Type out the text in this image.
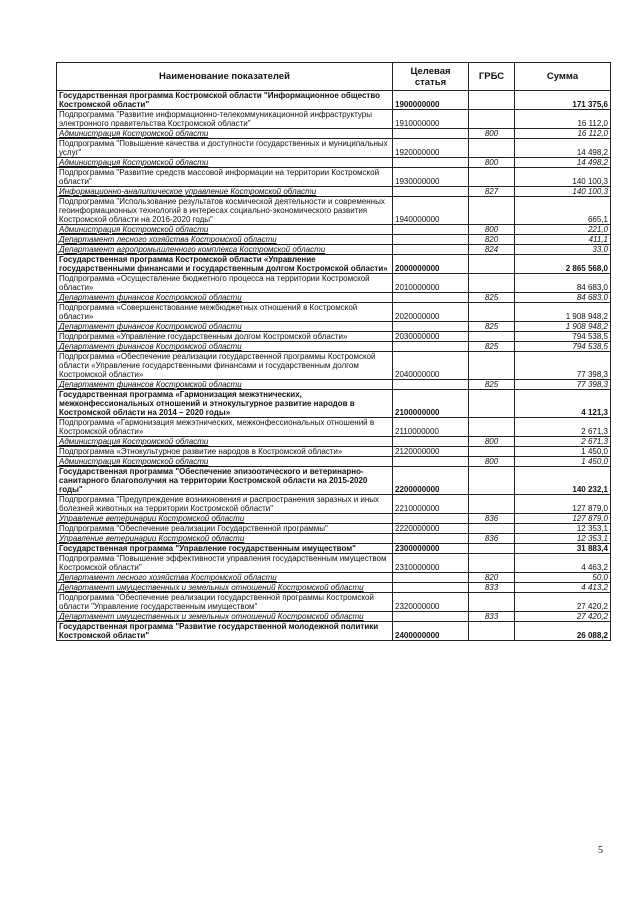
Наименование показателей	Целевая статья	ГРБС	Сумма
Государственная программа Костромской области "Информационное общество Костромской области"	1900000000		171 375,6
Подпрограмма "Развитие информационно-телекоммуникационной инфраструктуры электронного правительства Костромской области"	1910000000		16 112,0
Администрация Костромской области		800	16 112,0
Подпрограмма "Повышение качества и доступности государственных и муниципальных услуг"	1920000000		14 498,2
Администрация Костромской области		800	14 498,2
Подпрограмма "Развитие средств массовой информации на территории Костромской области"	1930000000		140 100,3
Информационно-аналитическое управление Костромской области		827	140 100,3
Подпрограмма "Использование результатов космической деятельности и современных геоинформационных технологий в интересах социально-экономического развития Костромской области на 2016-2020 годы"	1940000000		665,1
Администрация Костромской области		800	221,0
Департамент лесного хозяйства Костромской области		820	411,1
Департамент агропромышленного комплекса Костромской области		824	33,0
Государственная программа Костромской области «Управление государственными финансами и государственным долгом Костромской области»	2000000000		2 865 568,0
Подпрограмма «Осуществление бюджетного процесса на территории Костромской области»	2010000000		84 683,0
Департамент финансов Костромской области		825	84 683,0
Подпрограмма «Совершенствование межбюджетных отношений в Костромской области»	2020000000		1 908 948,2
Департамент финансов Костромской области		825	1 908 948,2
Подпрограмма «Управление государственным долгом Костромской области»	2030000000		794 538,5
Департамент финансов Костромской области		825	794 538,5
Подпрограмма «Обеспечение реализации государственной программы Костромской области «Управление государственными финансами и государственным долгом Костромской области»	2040000000		77 398,3
Департамент финансов Костромской области		825	77 398,3
Государственная программа «Гармонизация межэтнических, межконфессиональных отношений и этнокультурное развитие народов в Костромской области на 2014 – 2020 годы»	2100000000		4 121,3
Подпрограмма «Гармонизация межэтнических, межконфессиональных отношений в Костромской области»	2110000000		2 671,3
Администрация Костромской области		800	2 671,3
Подпрограмма «Этнокультурное развитие народов в Костромской области»	2120000000		1 450,0
Администрация Костромской области		800	1 450,0
Государственная программа "Обеспечение эпизоотического и ветеринарно-санитарного благополучия на территории Костромской области на 2015-2020 годы"	2200000000		140 232,1
Подпрограмма "Предупреждение возникновения и распространения заразных и иных болезней животных на территории Костромской области"	2210000000		127 879,0
Управление ветеринарии Костромской области		836	127 879,0
Подпрограмма "Обеспечение реализации Государственной программы"	2220000000		12 353,1
Управление ветеринарии Костромской области		836	12 353,1
Государственная программа "Управление государственным имуществом"	2300000000		31 883,4
Подпрограмма "Повышение эффективности управления государственным имуществом Костромской области"	2310000000		4 463,2
Департамент лесного хозяйства Костромской области		820	50,0
Департамент имущественных и земельных отношений Костромской области		833	4 413,2
Подпрограмма "Обеспечение реализации государственной программы Костромской области "Управление государственным имуществом"	2320000000		27 420,2
Департамент имущественных и земельных отношений Костромской области		833	27 420,2
Государственная программа "Развитие государственной молодежной политики Костромской области"	2400000000		26 088,2
5
